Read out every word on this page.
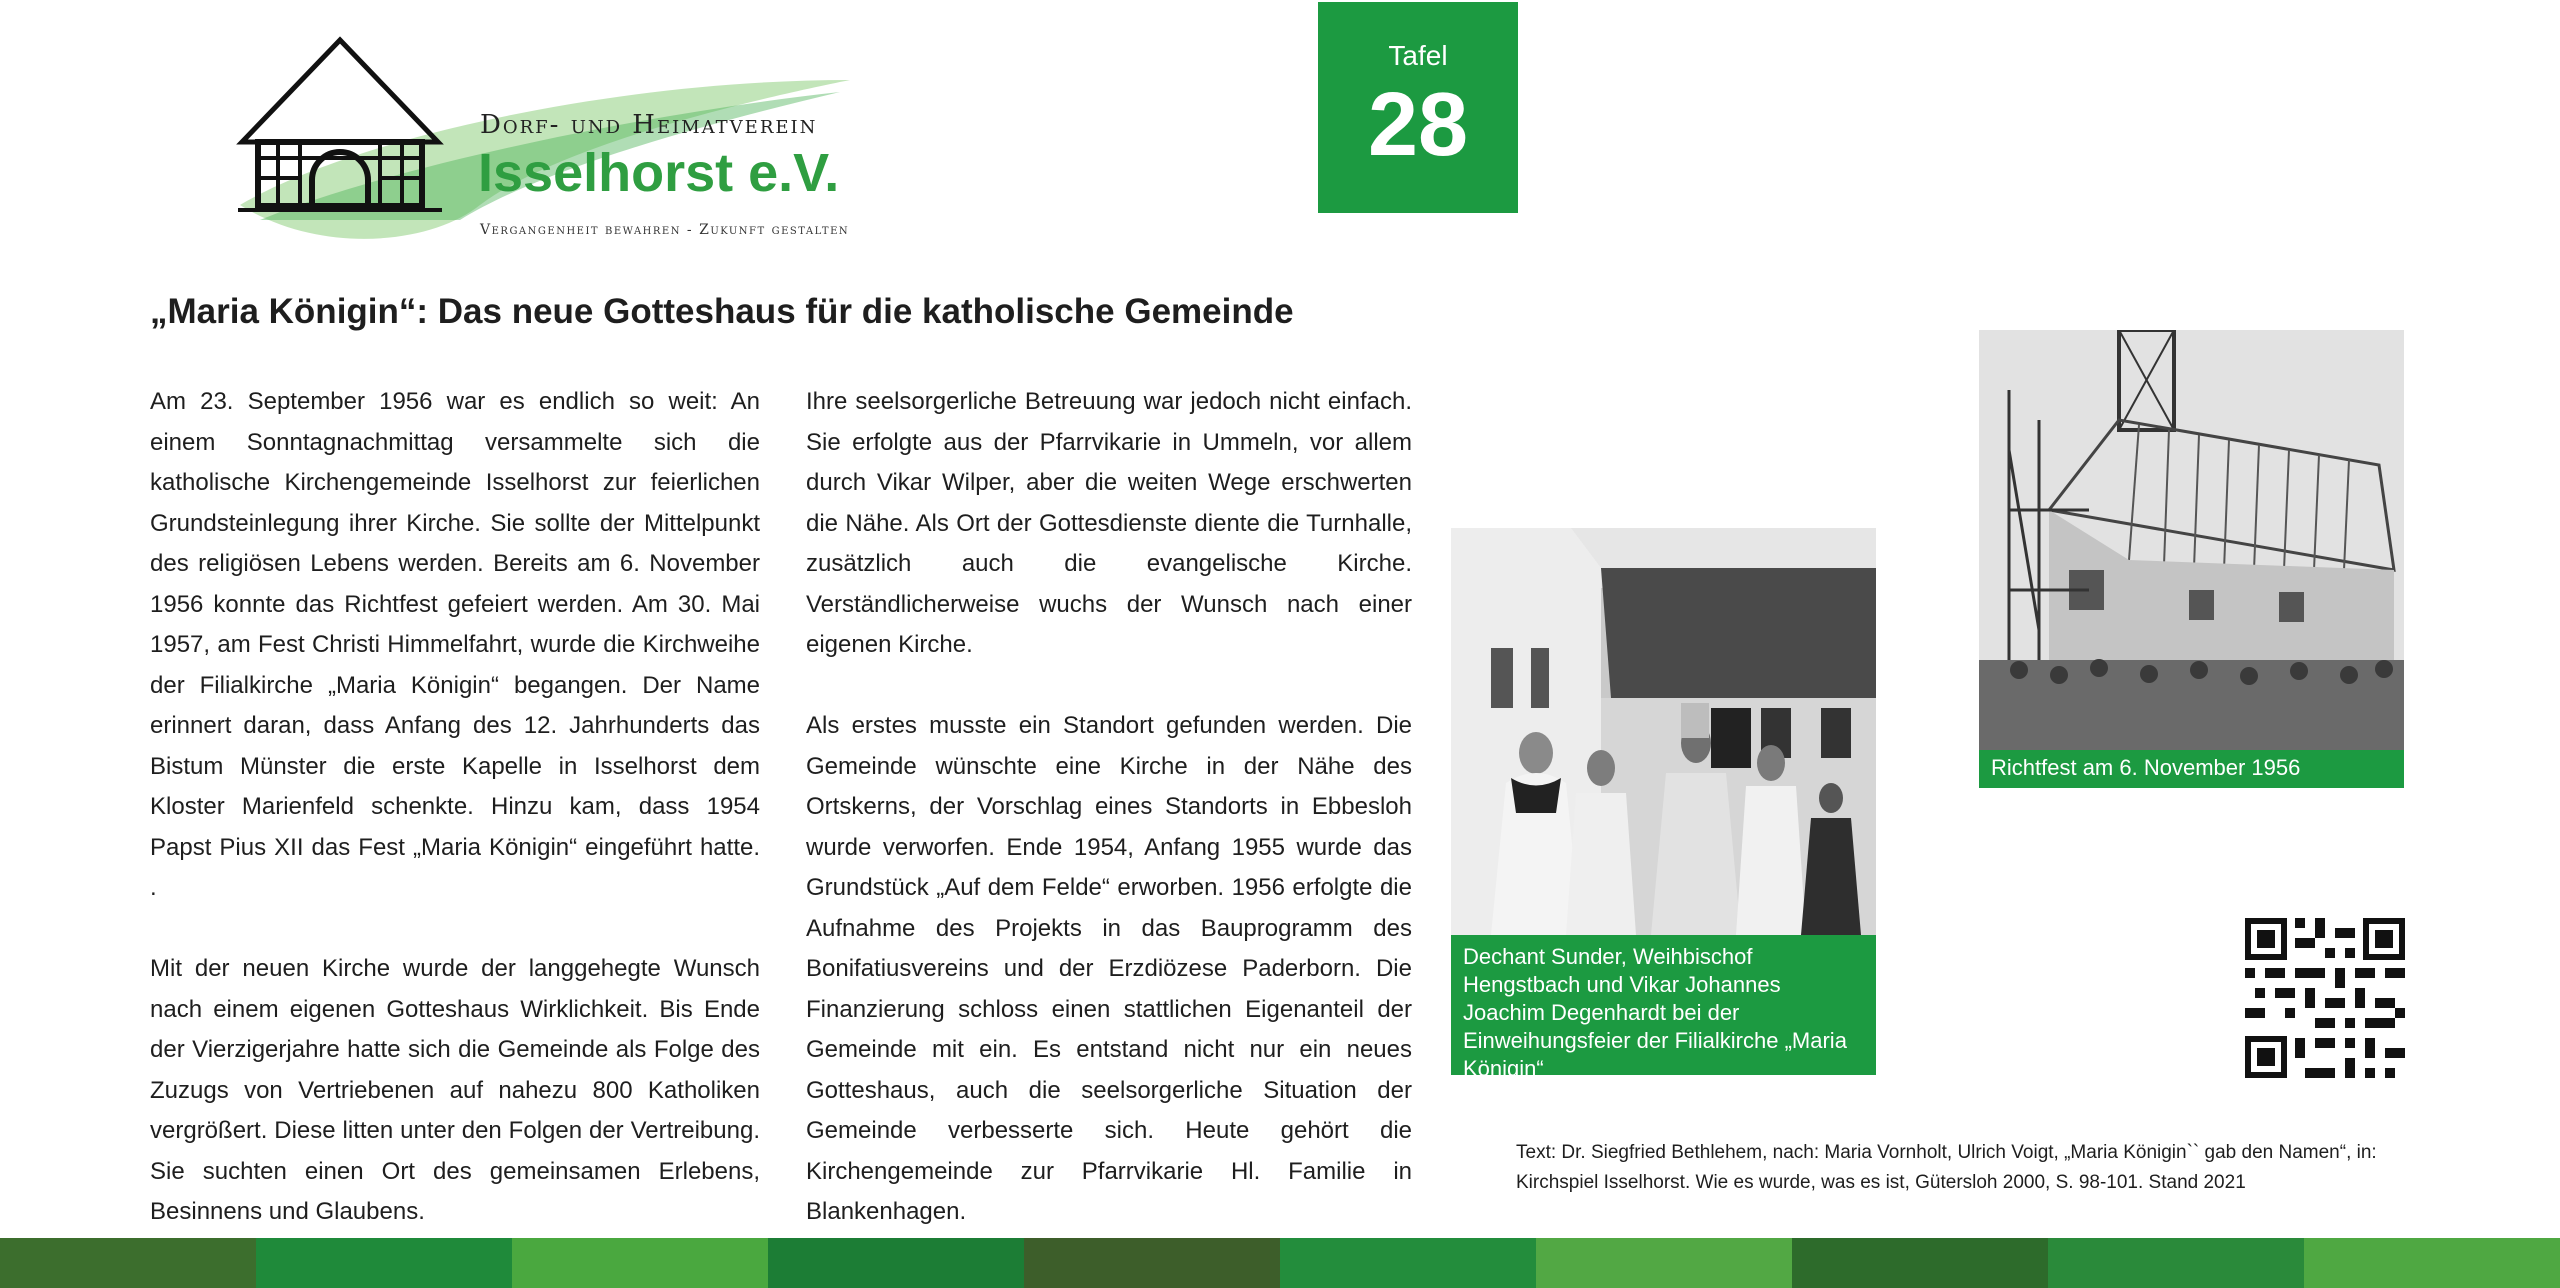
Dorf- und Heimatverein
Isselhorst e.V.
Vergangenheit bewahren - Zukunft gestalten
Tafel
28
„Maria Königin“: Das neue Gotteshaus für die katholische Gemeinde

Am 23. September 1956 war es endlich so weit: An einem Sonntagnachmittag versammelte sich die katholische Kirchengemeinde Isselhorst zur feierlichen Grundsteinlegung ihrer Kirche. Sie sollte der Mittelpunkt des religiösen Lebens werden. Bereits am 6. November 1956 konnte das Richtfest gefeiert werden. Am 30. Mai 1957, am Fest Christi Himmelfahrt, wurde die Kirchweihe der Filialkirche „Maria Königin“ begangen. Der Name erinnert daran, dass Anfang des 12. Jahrhunderts das Bistum Münster die erste Kapelle in Isselhorst dem Kloster Marienfeld schenkte. Hinzu kam, dass 1954 Papst Pius XII das Fest „Maria Königin“ eingeführt hatte. .

Mit der neuen Kirche wurde der langgehegte Wunsch nach einem eigenen Gotteshaus Wirklichkeit. Bis Ende der Vierzigerjahre hatte sich die Gemeinde als Folge des Zuzugs von Vertriebenen auf nahezu 800 Katholiken vergrößert. Diese litten unter den Folgen der Vertreibung. Sie suchten einen Ort des gemeinsamen Erlebens, Besinnens und Glaubens.

Ihre seelsorgerliche Betreuung war jedoch nicht einfach. Sie erfolgte aus der Pfarrvikarie in Ummeln, vor allem durch Vikar Wilper, aber die weiten Wege erschwerten die Nähe. Als Ort der Gottesdienste diente die Turnhalle, zusätzlich auch die evangelische Kirche. Verständlicherweise wuchs der Wunsch nach einer eigenen Kirche.

Als erstes musste ein Standort gefunden werden. Die Gemeinde wünschte eine Kirche in der Nähe des Ortskerns, der Vorschlag eines Standorts in Ebbesloh wurde verworfen. Ende 1954, Anfang 1955 wurde das Grundstück „Auf dem Felde“ erworben. 1956 erfolgte die Aufnahme des Projekts in das Bauprogramm des Bonifatiusvereins und der Erzdiözese Paderborn. Die Finanzierung schloss einen stattlichen Eigenanteil der Gemeinde mit ein. Es entstand nicht nur ein neues Gotteshaus, auch die seelsorgerliche Situation der Gemeinde verbesserte sich. Heute gehört die Kirchengemeinde zur Pfarrvikarie Hl. Familie in Blankenhagen.

Dechant Sunder, Weihbischof Hengstbach und Vikar Johannes Joachim Degenhardt bei der Einweihungsfeier der Filialkirche „Maria Königin“
Richtfest am 6. November 1956
Text: Dr. Siegfried Bethlehem, nach: Maria Vornholt, Ulrich Voigt, „Maria Königin`` gab den Namen“, in: Kirchspiel Isselhorst. Wie es wurde, was es ist, Gütersloh 2000, S. 98-101. Stand 2021
